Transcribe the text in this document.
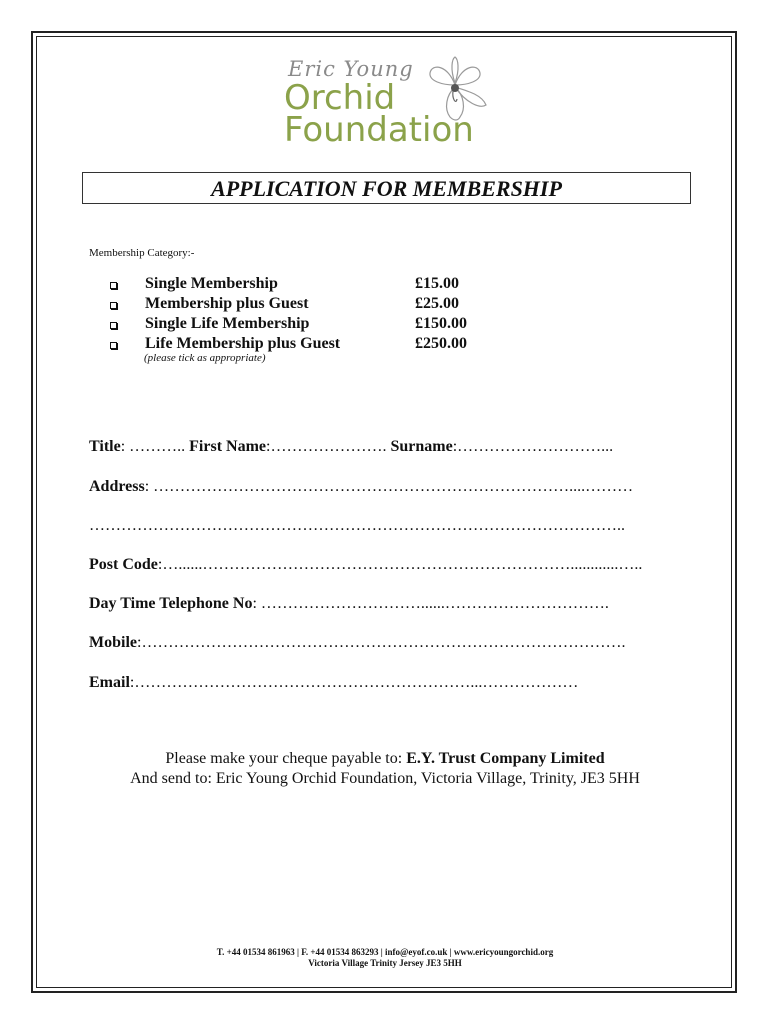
Eric Young
Orchid
Foundation
APPLICATION FOR MEMBERSHIP
Membership Category:-
Single Membership	£15.00
Membership plus Guest	£25.00
Single Life Membership	£150.00
Life Membership plus Guest	£250.00
(please tick as appropriate)
Title: ……….. First Name:…………………. Surname:………………………...
Address: ……………………………………………………………………....………
………………………………………………………………………………………..
Post Code:…......……………………………………………………………............…..
Day Time Telephone No: …………………………......………………………….
Mobile:……………………………………………………………………………….
Email:………………………………………………………...………………
Please make your cheque payable to: E.Y. Trust Company Limited
And send to: Eric Young Orchid Foundation, Victoria Village, Trinity, JE3 5HH
T. +44 01534 861963 | F. +44 01534 863293 | info@eyof.co.uk | www.ericyoungorchid.org
Victoria Village Trinity Jersey JE3 5HH
